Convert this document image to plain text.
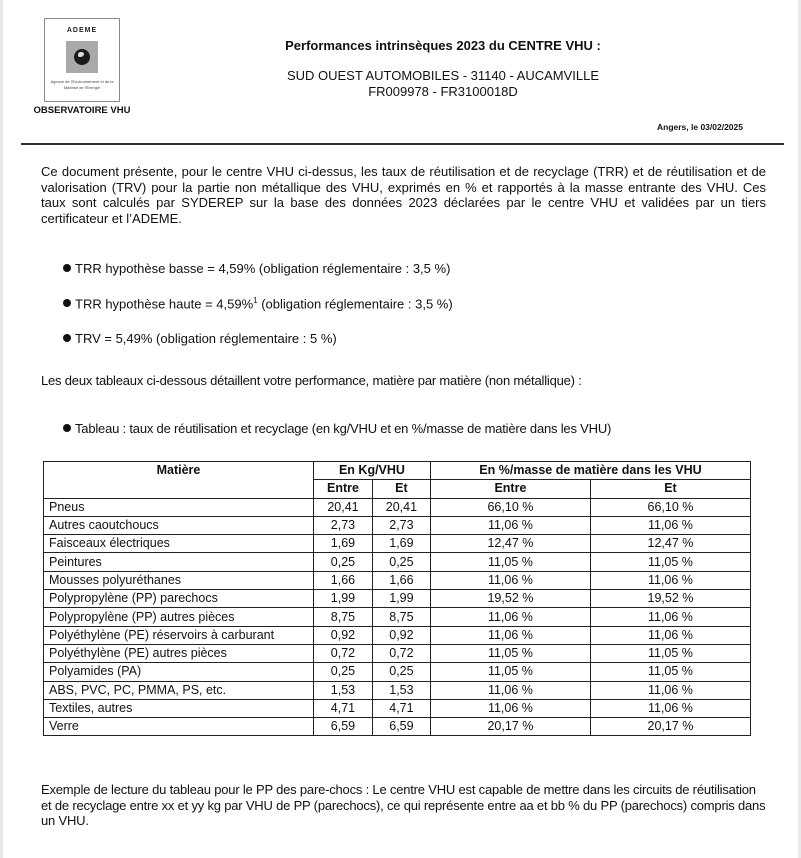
ADEME
Agence de l'Environnement et de la Maîtrise de l'Énergie
OBSERVATOIRE VHU
Performances intrinsèques 2023 du CENTRE VHU :
SUD OUEST AUTOMOBILES - 31140 - AUCAMVILLE
FR009978 - FR3100018D
Angers, le 03/02/2025
Ce document présente, pour le centre VHU ci-dessus, les taux de réutilisation et de recyclage (TRR) et de réutilisation et de valorisation (TRV) pour la partie non métallique des VHU, exprimés en % et rapportés à la masse entrante des VHU. Ces taux sont calculés par SYDEREP sur la base des données 2023 déclarées par le centre VHU et validées par un tiers certificateur et l’ADEME.
TRR hypothèse basse = 4,59% (obligation réglementaire : 3,5 %)
TRR hypothèse haute = 4,59%$^1$ (obligation réglementaire : 3,5 %)
TRV = 5,49% (obligation réglementaire : 5 %)
Les deux tableaux ci-dessous détaillent votre performance, matière par matière (non métallique) :
Tableau : taux de réutilisation et recyclage (en kg/VHU et en %/masse de matière dans les VHU)
Matière	En Kg/VHU		En %/masse de matière dans les VHU	
	Entre	Et	Entre	Et
Pneus	20,41	20,41	66,10 %	66,10 %
Autres caoutchoucs	2,73	2,73	11,06 %	11,06 %
Faisceaux électriques	1,69	1,69	12,47 %	12,47 %
Peintures	0,25	0,25	11,05 %	11,05 %
Mousses polyuréthanes	1,66	1,66	11,06 %	11,06 %
Polypropylène (PP) parechocs	1,99	1,99	19,52 %	19,52 %
Polypropylène (PP) autres pièces	8,75	8,75	11,06 %	11,06 %
Polyéthylène (PE) réservoirs à carburant	0,92	0,92	11,06 %	11,06 %
Polyéthylène (PE) autres pièces	0,72	0,72	11,05 %	11,05 %
Polyamides (PA)	0,25	0,25	11,05 %	11,05 %
ABS, PVC, PC, PMMA, PS, etc.	1,53	1,53	11,06 %	11,06 %
Textiles, autres	4,71	4,71	11,06 %	11,06 %
Verre	6,59	6,59	20,17 %	20,17 %
Exemple de lecture du tableau pour le PP des pare-chocs : Le centre VHU est capable de mettre dans les circuits de réutilisation et de recyclage entre xx et yy kg par VHU de PP (parechocs), ce qui représente entre aa et bb % du PP (parechocs) compris dans un VHU.
